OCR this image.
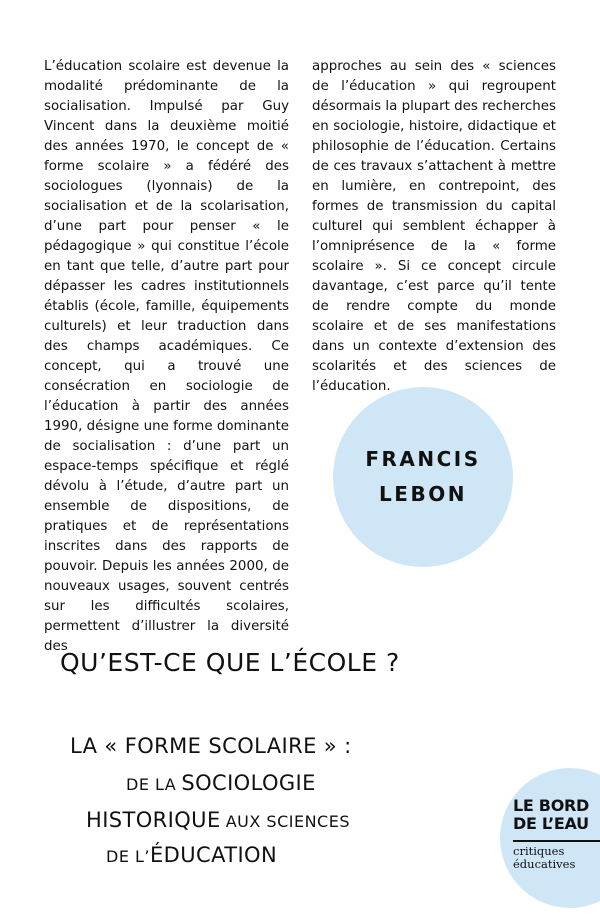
L’éducation scolaire est devenue la modalité prédominante de la socialisation. Impulsé par Guy Vincent dans la deuxième moitié des années 1970, le concept de « forme scolaire » a fédéré des sociologues (lyonnais) de la socialisation et de la scolarisation, d’une part pour penser « le pédagogique » qui constitue l’école en tant que telle, d’autre part pour dépasser les cadres institutionnels établis (école, famille, équipements culturels) et leur traduction dans des champs académiques. Ce concept, qui a trouvé une consécration en sociologie de l’éducation à partir des années 1990, désigne une forme dominante de socialisation : d’une part un espace-temps spécifique et réglé dévolu à l’étude, d’autre part un ensemble de dispositions, de pratiques et de représentations inscrites dans des rapports de pouvoir. Depuis les années 2000, de nouveaux usages, souvent centrés sur les difficultés scolaires, permettent d’illustrer la diversité des

approches au sein des « sciences de l’éducation » qui regroupent désormais la plupart des recherches en sociologie, histoire, didactique et philosophie de l’éducation. Certains de ces travaux s’attachent à mettre en lumière, en contrepoint, des formes de transmission du capital culturel qui semblent échapper à l’omniprésence de la « forme scolaire ». Si ce concept circule davantage, c’est parce qu’il tente de rendre compte du monde scolaire et de ses manifestations dans un contexte d’extension des scolarités et des sciences de l’éducation.

FRANCIS
LEBON
QU’EST-CE QUE L’ÉCOLE ?
LA « FORME SCOLAIRE » :
DE LA SOCIOLOGIE
HISTORIQUE AUX SCIENCES
DE L’ÉDUCATION
LE BORD
DE L’EAU
critiques
éducatives
